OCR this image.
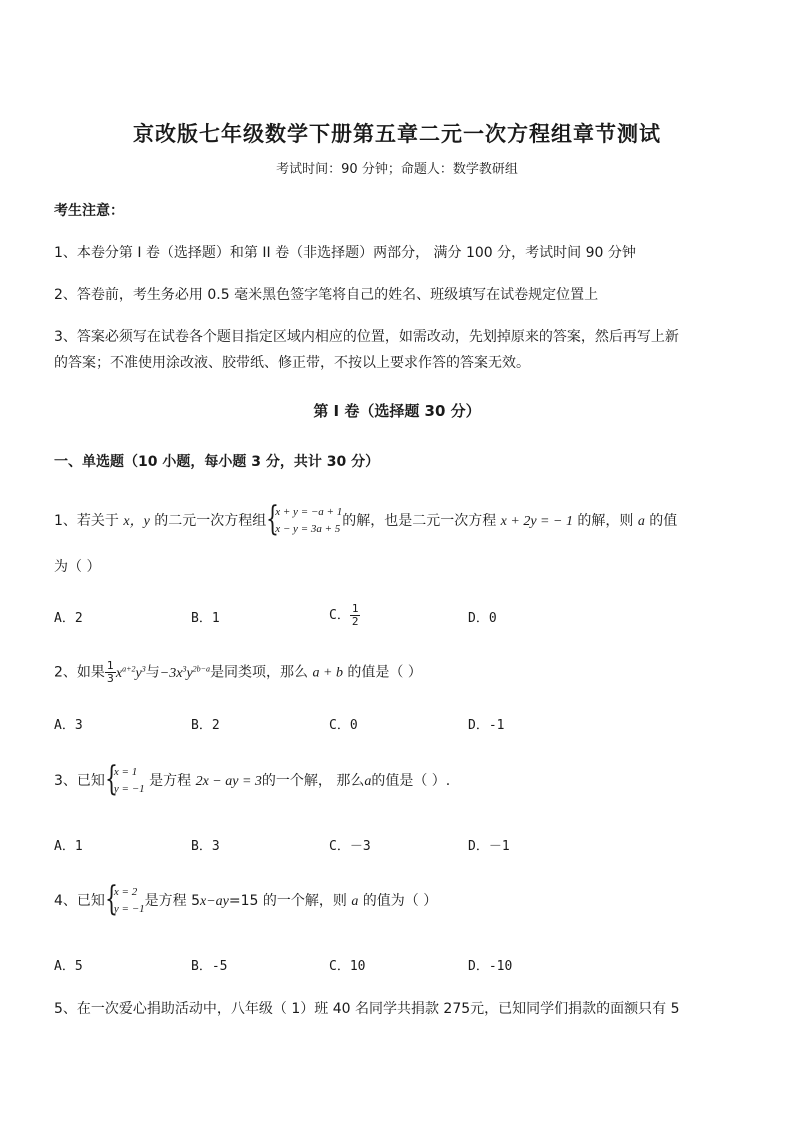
京改版七年级数学下册第五章二元一次方程组章节测试
考试时间：90 分钟；命题人：数学教研组
考生注意：
1、本卷分第 I 卷（选择题）和第 II 卷（非选择题）两部分， 满分 100 分，考试时间 90 分钟
2、答卷前，考生务必用 0.5 毫米黑色签字笔将自己的姓名、班级填写在试卷规定位置上
3、答案必须写在试卷各个题目指定区域内相应的位置，如需改动，先划掉原来的答案，然后再写上新
的答案；不准使用涂改液、胶带纸、修正带，不按以上要求作答的答案无效。
第 I 卷（选择题 30 分）
一、单选题（10 小题，每小题 3 分，共计 30 分）
1、若关于 x，y 的二元一次方程组 {
x + y = −a + 1
x − y = 3a + 5 的解，也是二元一次方程 x + 2y = − 1 的解，则 a 的值
为（ ）
A．2	B．1	C． $\frac{1}{2}$	D．0
2、如果 $\frac{1}{3} x^{a+2}y^3$与$-3x^3y^{2b-a}$是同类项，那么 a + b 的值是（ ）
A．3	B．2	C．0	D．-1
3、已知 {
x = 1
y = −1 是方程 2x − ay = 3的一个解， 那么a的值是（ ）.
A．1	B．3	C．－3	D．－1
4、已知 {
x = 2
y = −1 是方程 5x−ay=15 的一个解，则 a 的值为（ ）
A．5	B．-5	C．10	D．-10
5、在一次爱心捐助活动中，八年级（ 1）班 40 名同学共捐款 275元，已知同学们捐款的面额只有 5
